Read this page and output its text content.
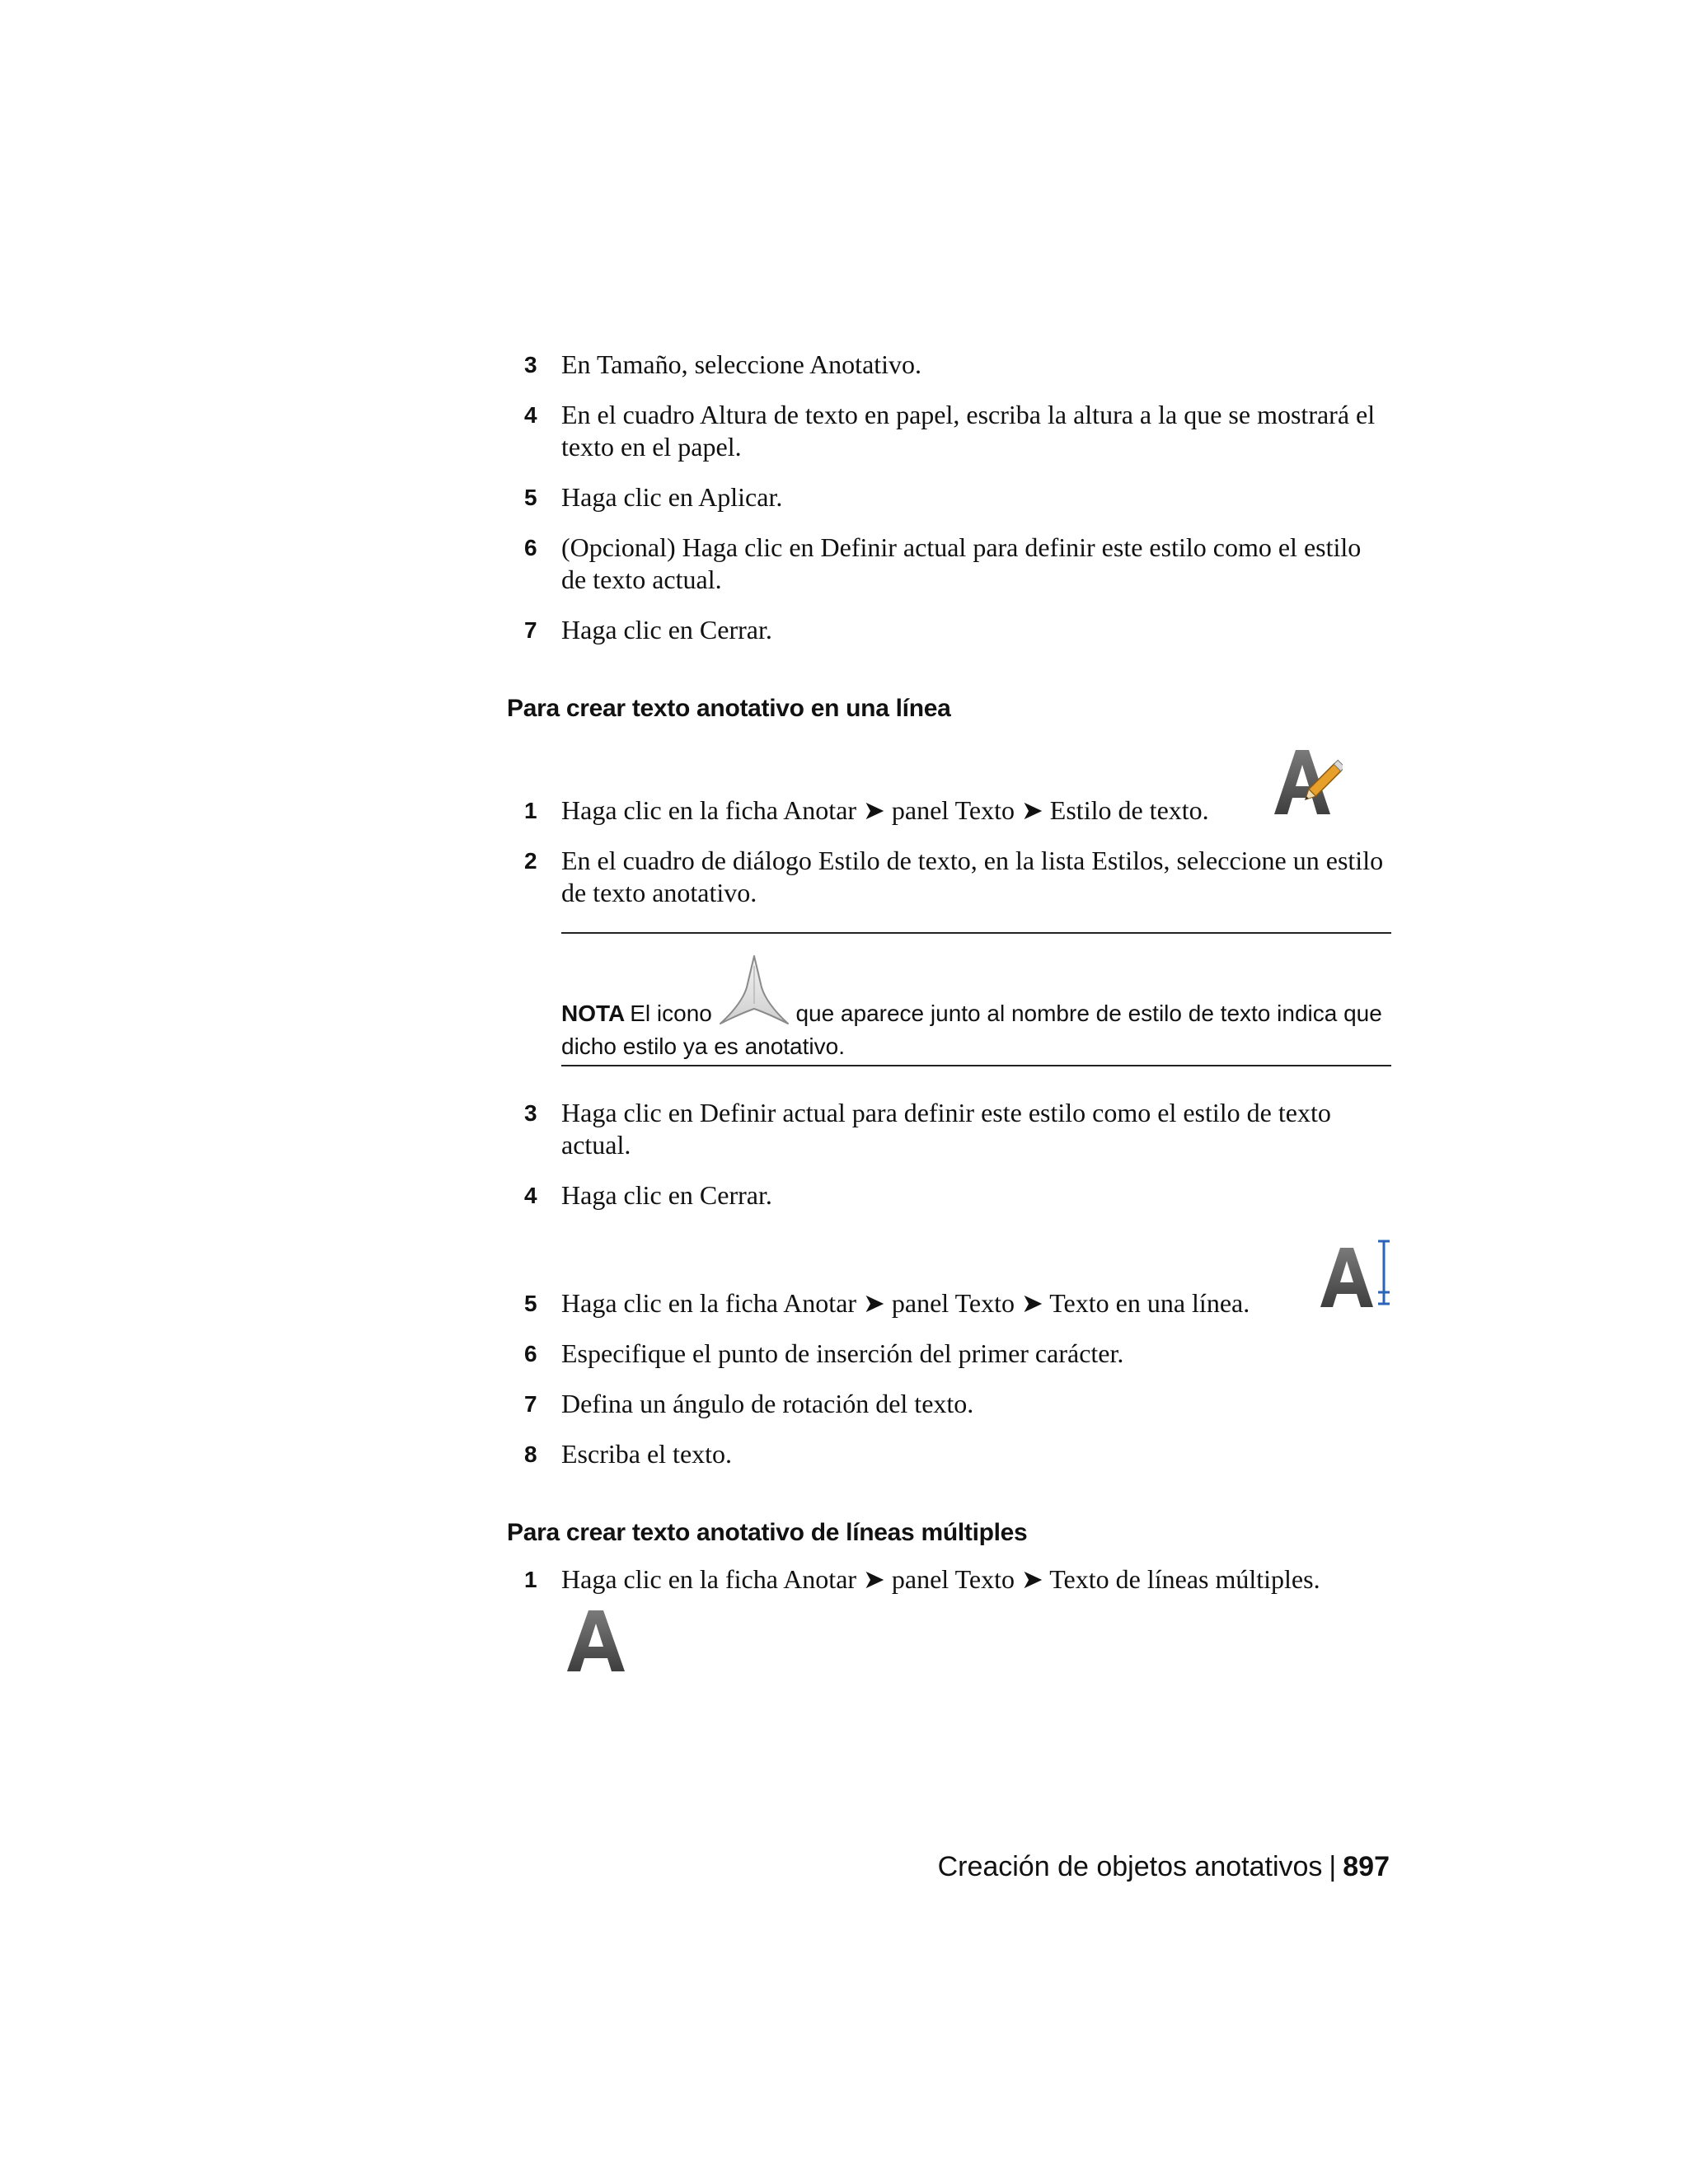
3 En Tamaño, seleccione Anotativo.
4 En el cuadro Altura de texto en papel, escriba la altura a la que se mostrará el texto en el papel.
5 Haga clic en Aplicar.
6 (Opcional) Haga clic en Definir actual para definir este estilo como el estilo de texto actual.
7 Haga clic en Cerrar.
Para crear texto anotativo en una línea
1 Haga clic en la ficha Anotar ➤ panel Texto ➤ Estilo de texto.
2 En el cuadro de diálogo Estilo de texto, en la lista Estilos, seleccione un estilo de texto anotativo.
NOTA El icono	que aparece junto al nombre de estilo de texto indica que dicho estilo ya es anotativo.
3 Haga clic en Definir actual para definir este estilo como el estilo de texto actual.
4 Haga clic en Cerrar.
5 Haga clic en la ficha Anotar ➤ panel Texto ➤ Texto en una línea.
6 Especifique el punto de inserción del primer carácter.
7 Defina un ángulo de rotación del texto.
8 Escriba el texto.
Para crear texto anotativo de líneas múltiples
1 Haga clic en la ficha Anotar ➤ panel Texto ➤ Texto de líneas múltiples.
Creación de objetos anotativos | 897
